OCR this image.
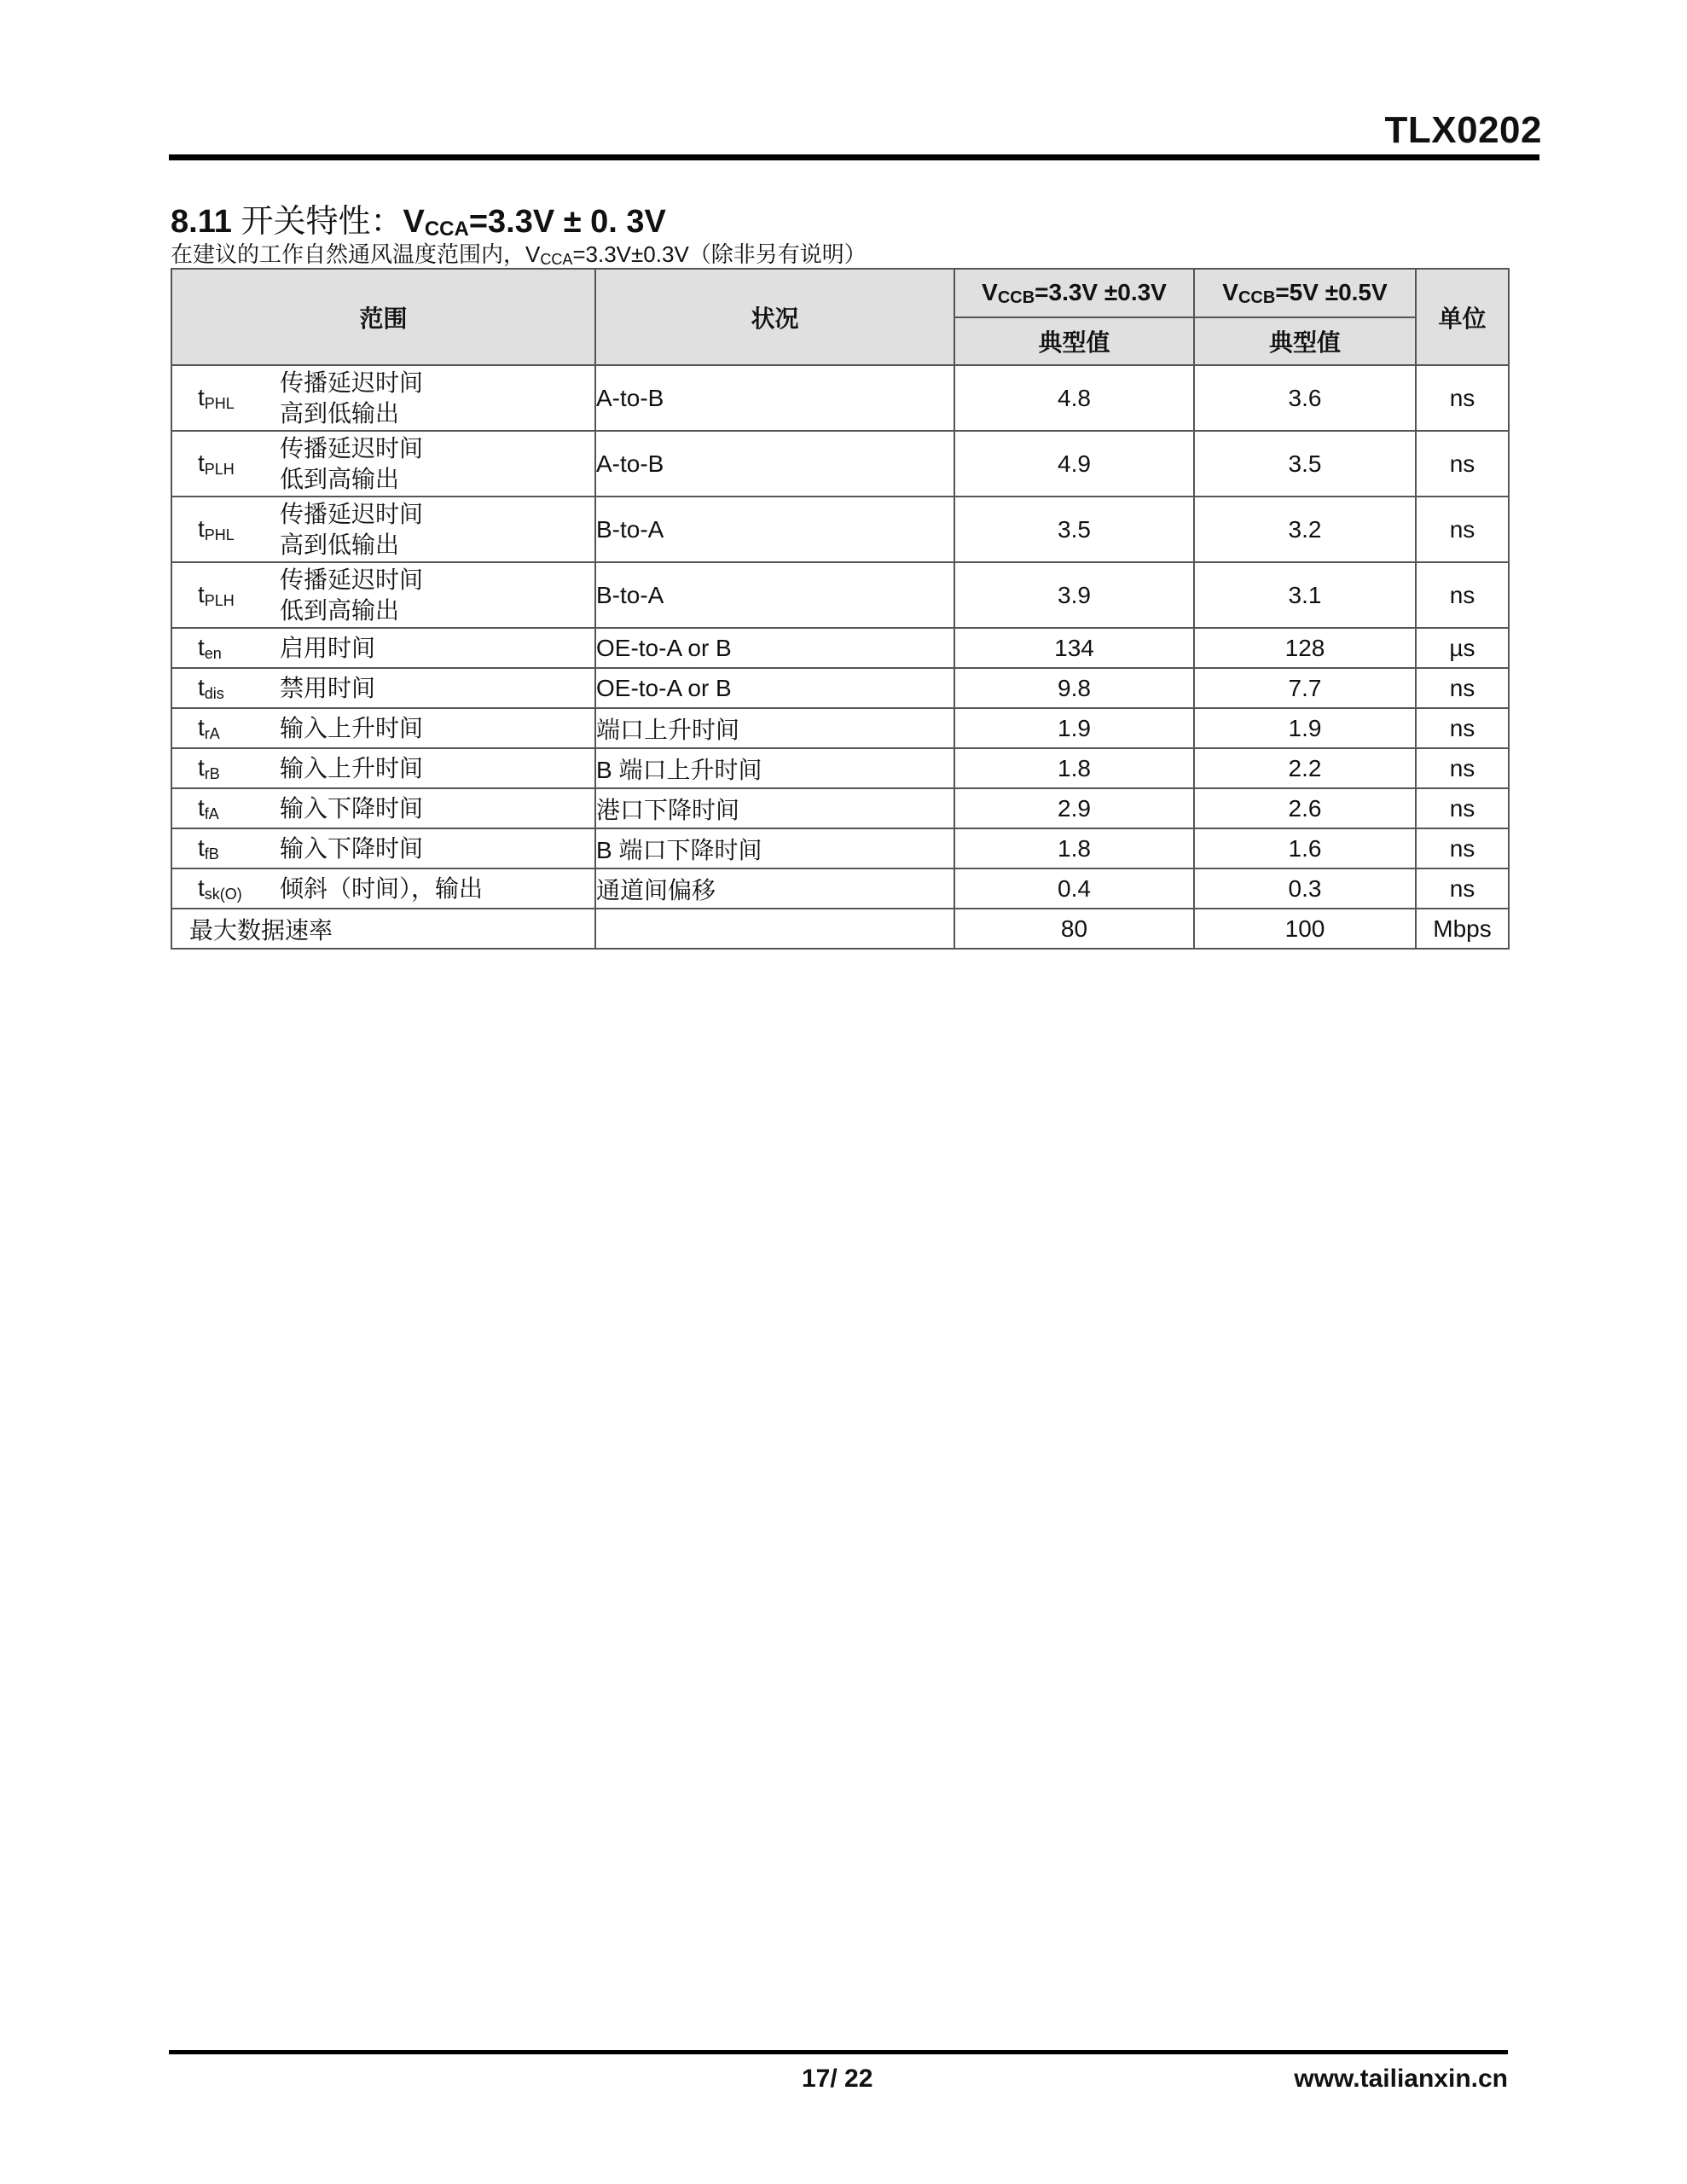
TLX0202
8.11 开关特性：$V_{CCA}=3.3V \pm 0$. 3V
在建议的工作自然通风温度范围内，$V_{CCA}=3.3V\pm 0.3V$（除非另有说明）
范围	状况	$V_{CCB}=3.3V \pm 0.3V$	$V_{CCB}=5V \pm 0.5V$	单位
		典型值	典型值	

$t_{PHL}$
传播延迟时间
高到低输出	A-to-B	4.8	3.6	ns

$t_{PLH}$
传播延迟时间
低到高输出	A-to-B	4.9	3.5	ns

$t_{PHL}$
传播延迟时间
高到低输出	B-to-A	3.5	3.2	ns

$t_{PLH}$
传播延迟时间
低到高输出	B-to-A	3.9	3.1	ns

$t_{en}$ 启用时间	OE-to-A or B	134	128	µs

$t_{dis}$ 禁用时间	OE-to-A or B	9.8	7.7	ns

$t_{rA}$ 输入上升时间	端口上升时间	1.9	1.9	ns

$t_{rB}$ 输入上升时间	B 端口上升时间	1.8	2.2	ns

$t_{fA}$ 输入下降时间	港口下降时间	2.9	2.6	ns

$t_{fB}$ 输入下降时间	B 端口下降时间	1.8	1.6	ns

$t_{sk(O)}$ 倾斜（时间），输出	通道间偏移	0.4	0.3	ns

最大数据速率		80	100	Mbps
17/ 22	www.tailianxin.cn
